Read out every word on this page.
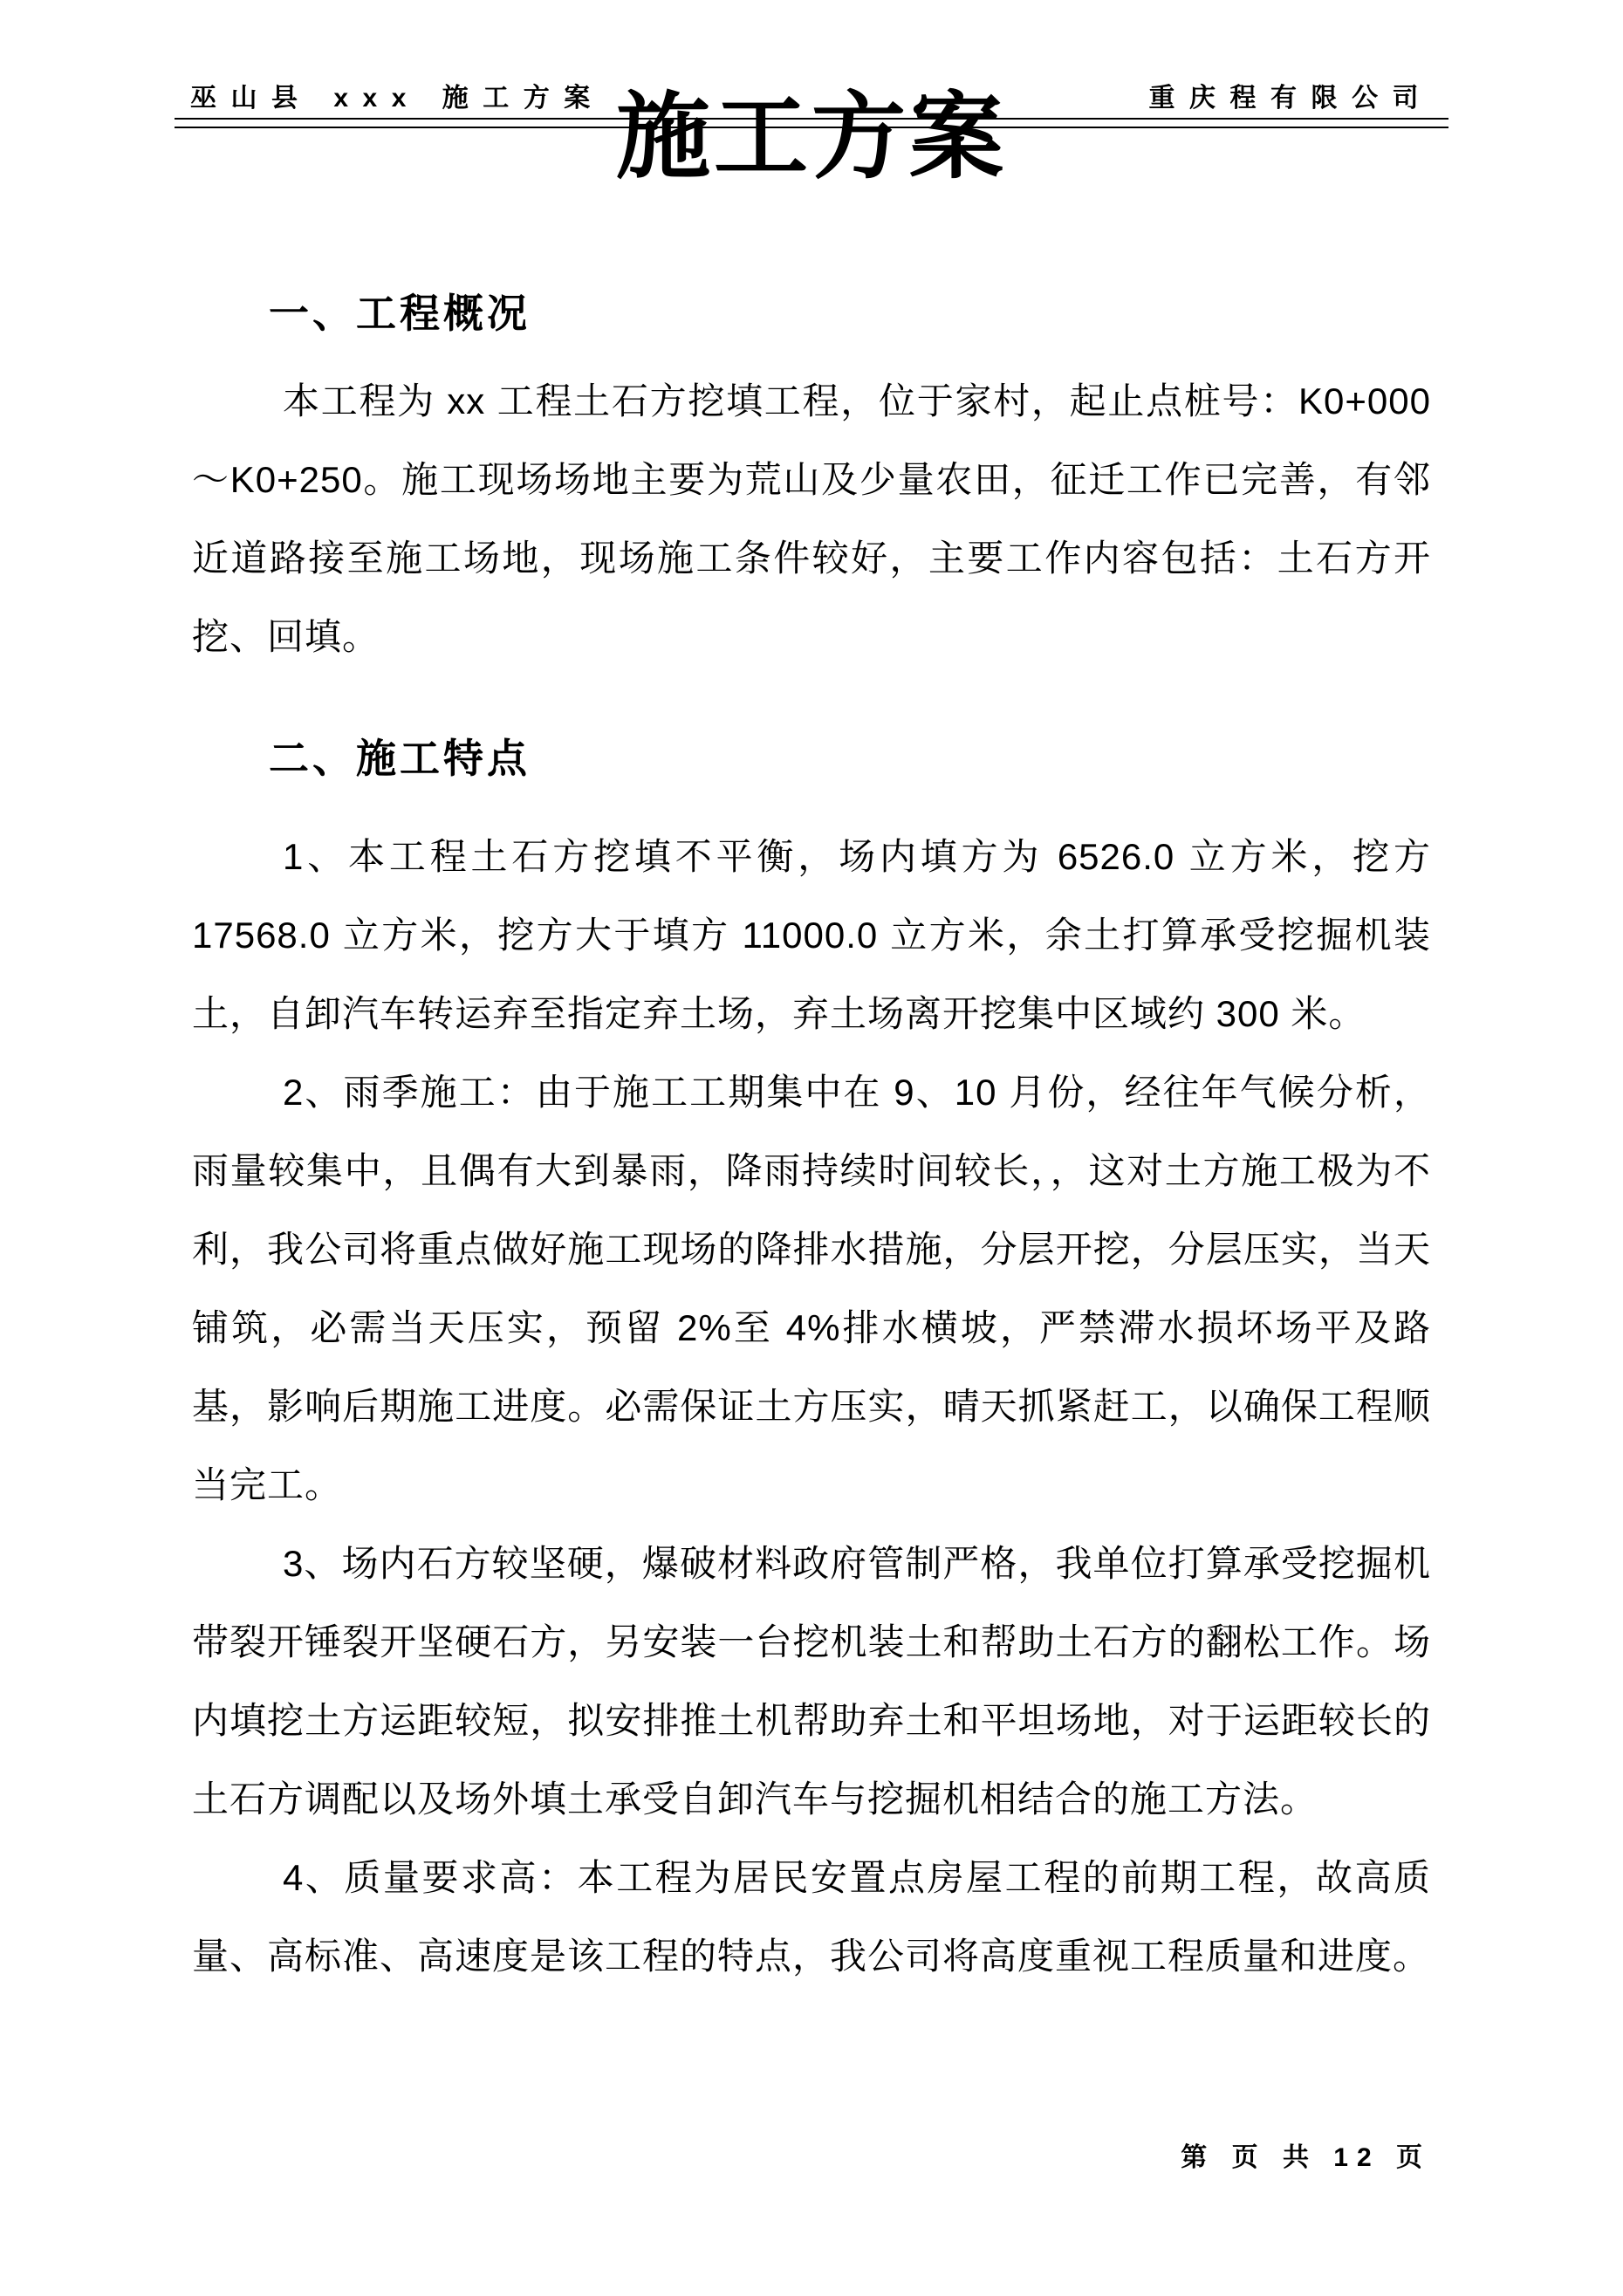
巫山县 xxx 施工方案	重庆程有限公司
施工方案
一、工程概况

本工程为 xx 工程土石方挖填工程，位于家村，起止点桩号：K0+000～K0+250。施工现场场地主要为荒山及少量农田，征迁工作已完善，有邻近道路接至施工场地，现场施工条件较好，主要工作内容包括：土石方开挖、回填。

二、施工特点

1、本工程土石方挖填不平衡，场内填方为 6526.0 立方米，挖方 17568.0 立方米，挖方大于填方 11000.0 立方米，余土打算承受挖掘机装土，自卸汽车转运弃至指定弃土场，弃土场离开挖集中区域约 300 米。

2、雨季施工：由于施工工期集中在 9、10 月份，经往年气候分析，雨量较集中，且偶有大到暴雨，降雨持续时间较长，，这对土方施工极为不利，我公司将重点做好施工现场的降排水措施，分层开挖，分层压实，当天铺筑，必需当天压实，预留 2%至 4%排水横坡，严禁滞水损坏场平及路基，影响后期施工进度。必需保证土方压实，晴天抓紧赶工，以确保工程顺当完工。

3、场内石方较坚硬，爆破材料政府管制严格，我单位打算承受挖掘机带裂开锤裂开坚硬石方，另安装一台挖机装土和帮助土石方的翻松工作。场内填挖土方运距较短，拟安排推土机帮助弃土和平坦场地，对于运距较长的土石方调配以及场外填土承受自卸汽车与挖掘机相结合的施工方法。

4、质量要求高：本工程为居民安置点房屋工程的前期工程，故高质量、高标准、高速度是该工程的特点，我公司将高度重视工程质量和进度。

第 页 共 12 页
